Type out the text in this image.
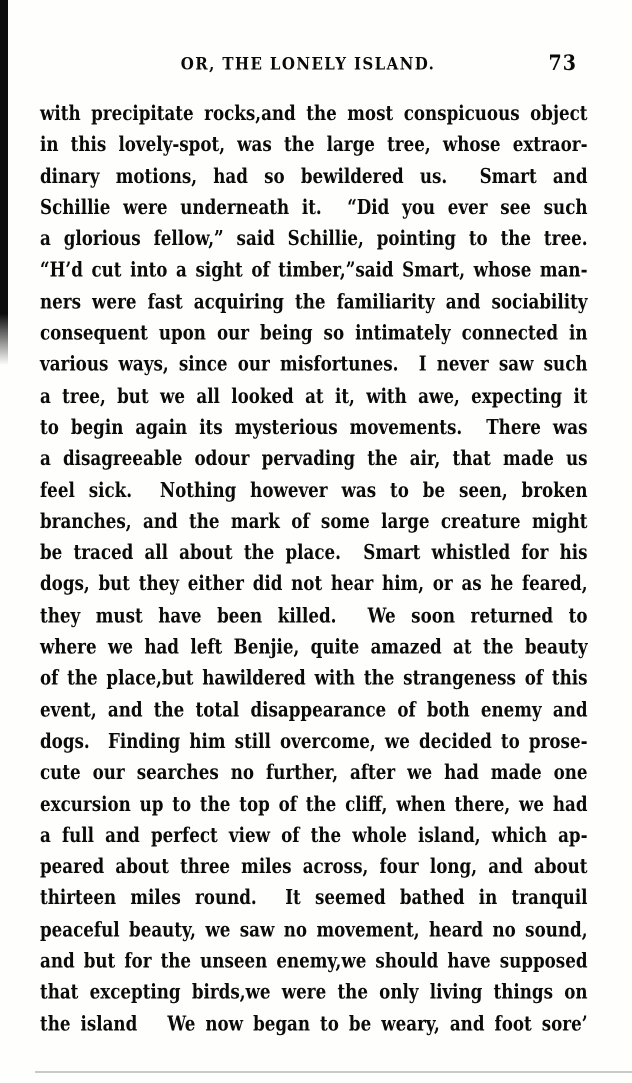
OR, THE LONELY ISLAND.	73
with precipitate rocks,and the most conspicuous object
in this lovely-spot, was the large tree, whose extraor-
dinary motions, had so bewildered us.  Smart and
Schillie were underneath it.  “Did you ever see such
a glorious fellow,” said Schillie, pointing to the tree.
“H’d cut into a sight of timber,”said Smart, whose man-
ners were fast acquiring the familiarity and sociability
consequent upon our being so intimately connected in
various ways, since our misfortunes.  I never saw such
a tree, but we all looked at it, with awe, expecting it
to begin again its mysterious movements.  There was
a disagreeable odour pervading the air, that made us
feel sick.  Nothing however was to be seen, broken
branches, and the mark of some large creature might
be traced all about the place.  Smart whistled for his
dogs, but they either did not hear him, or as he feared,
they must have been killed.  We soon returned to
where we had left Benjie, quite amazed at the beauty
of the place,but hawildered with the strangeness of this
event, and the total disappearance of both enemy and
dogs.  Finding him still overcome, we decided to prose-
cute our searches no further, after we had made one
excursion up to the top of the cliff, when there, we had
a full and perfect view of the whole island, which ap-
peared about three miles across, four long, and about
thirteen miles round.  It seemed bathed in tranquil
peaceful beauty, we saw no movement, heard no sound,
and but for the unseen enemy,we should have supposed
that excepting birds,we were the only living things on
the island   We now began to be weary, and foot sore’
